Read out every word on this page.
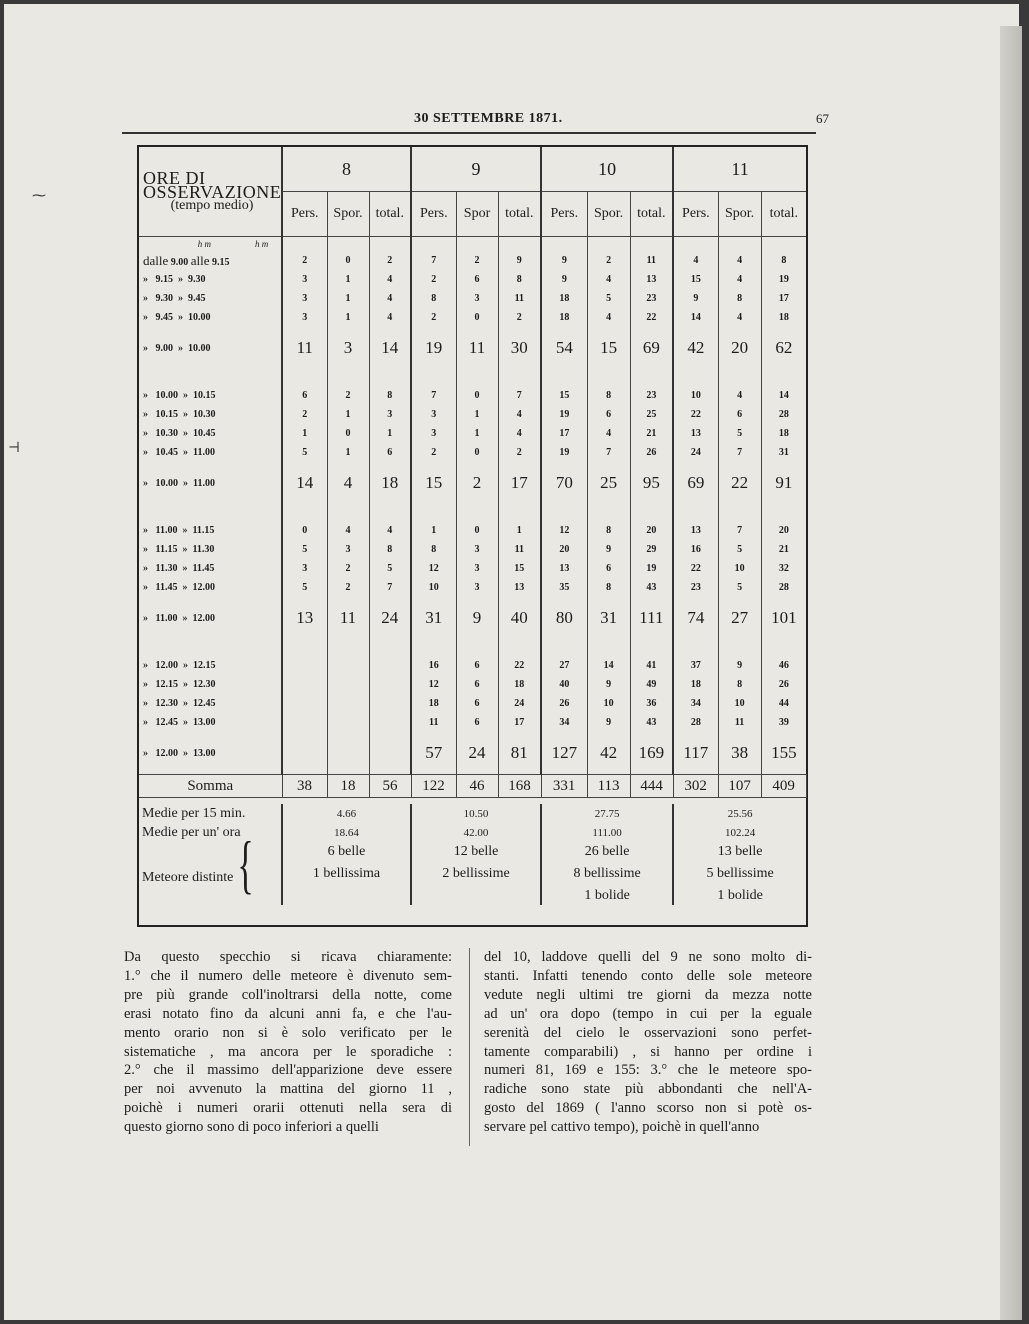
30 SETTEMBRE 1871.	67
ORE DI OSSERVAZIONE
(tempo medio)	8			9			10			11		
	Pers.	Spor.	total.	Pers.	Spor	total.	Pers.	Spor.	total.	Pers.	Spor.	total.
h m h m												
dalle 9.00 alle 9.15	2	0	2	7	2	9	9	2	11	4	4	8
»   9.15  »  9.30	3	1	4	2	6	8	9	4	13	15	4	19
»   9.30  »  9.45	3	1	4	8	3	11	18	5	23	9	8	17
»   9.45  »  10.00	3	1	4	2	0	2	18	4	22	14	4	18
»   9.00  »  10.00	11	3	14	19	11	30	54	15	69	42	20	62

»   10.00  »  10.15	6	2	8	7	0	7	15	8	23	10	4	14
»   10.15  »  10.30	2	1	3	3	1	4	19	6	25	22	6	28
»   10.30  »  10.45	1	0	1	3	1	4	17	4	21	13	5	18
»   10.45  »  11.00	5	1	6	2	0	2	19	7	26	24	7	31
»   10.00  »  11.00	14	4	18	15	2	17	70	25	95	69	22	91

»   11.00  »  11.15	0	4	4	1	0	1	12	8	20	13	7	20
»   11.15  »  11.30	5	3	8	8	3	11	20	9	29	16	5	21
»   11.30  »  11.45	3	2	5	12	3	15	13	6	19	22	10	32
»   11.45  »  12.00	5	2	7	10	3	13	35	8	43	23	5	28
»   11.00  »  12.00	13	11	24	31	9	40	80	31	111	74	27	101

»   12.00  »  12.15				16	6	22	27	14	41	37	9	46
»   12.15  »  12.30				12	6	18	40	9	49	18	8	26
»   12.30  »  12.45				18	6	24	26	10	36	34	10	44
»   12.45  »  13.00				11	6	17	34	9	43	28	11	39
»   12.00  »  13.00				57	24	81	127	42	169	117	38	155
Somma	38	18	56	122	46	168	331	113	444	302	107	409

Medie per 15 min.	4.66			10.50			27.75			25.56		
Medie per un' ora	18.64			42.00			111.00			102.24		
	6 belle			12 belle			26 belle			13 belle		
Meteore distinte {	1 bellissima			2 bellissime			8 bellissime			5 bellissime		
							1 bolide			1 bolide		
Da questo specchio si ricava chiaramente:
1.° che il numero delle meteore è divenuto sem-
pre più grande coll'inoltrarsi della notte, come
erasi notato fino da alcuni anni fa, e che l'au-
mento orario non si è solo verificato per le
sistematiche , ma ancora per le sporadiche :
2.° che il massimo dell'apparizione deve essere
per noi avvenuto la mattina del giorno 11 ,
poichè i numeri orarii ottenuti nella sera di
questo giorno sono di poco inferiori a quelli
del 10, laddove quelli del 9 ne sono molto di-
stanti. Infatti tenendo conto delle sole meteore
vedute negli ultimi tre giorni da mezza notte
ad un' ora dopo (tempo in cui per la eguale
serenità del cielo le osservazioni sono perfet-
tamente comparabili) , si hanno per ordine i
numeri 81, 169 e 155: 3.° che le meteore spo-
radiche sono state più abbondanti che nell'A-
gosto del 1869 ( l'anno scorso non si potè os-
servare pel cattivo tempo), poichè in quell'anno
⁓
⊣
